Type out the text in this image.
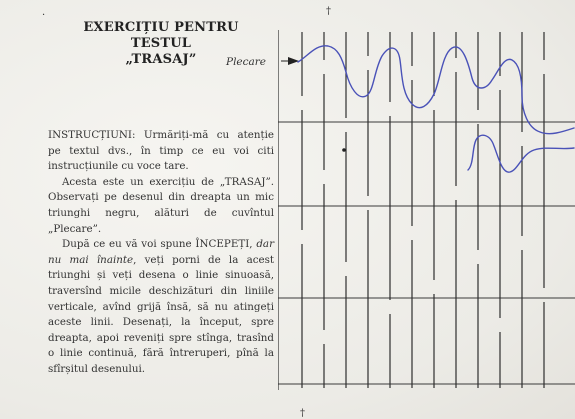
·	†
EXERCIȚIU PENTRU TESTUL
„TRASAJ”	Plecare

INSTRUCȚIUNI: Urmăriți-mă cu atenție pe textul dvs., în timp ce eu voi citi instrucțiunile cu voce tare.

Acesta este un exercițiu de „TRASAJ”. Observați pe desenul din dreapta un mic triunghi negru, alături de cuvîntul „Plecare”.

După ce eu vă voi spune ÎNCEPEȚI, dar nu mai înainte, veți porni de la acest triunghi și veți desena o linie sinuoasă, traversînd micile deschizături din liniile verticale, avînd grijă însă, să nu atingeți aceste linii. Desenați, la început, spre dreapta, apoi reveniți spre stînga, trasînd o linie continuă, fără întreruperi, pînă la sfîrșitul desenului.

†
